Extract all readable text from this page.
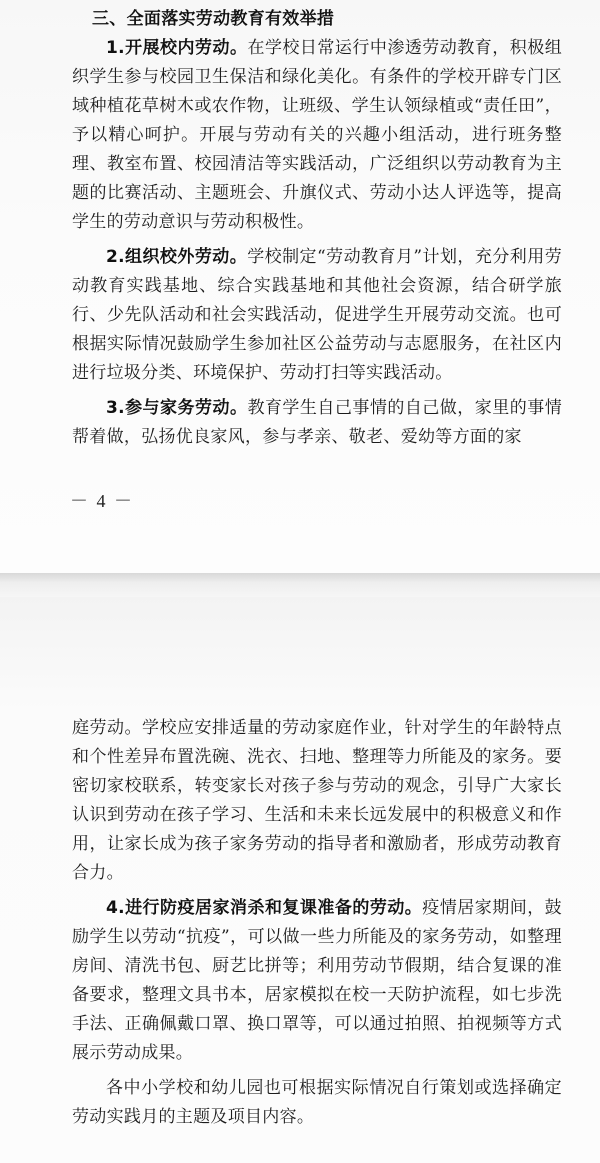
三、全面落实劳动教育有效举措

1.开展校内劳动。在学校日常运行中渗透劳动教育，积极组织学生参与校园卫生保洁和绿化美化。有条件的学校开辟专门区域种植花草树木或农作物，让班级、学生认领绿植或“责任田”，予以精心呵护。开展与劳动有关的兴趣小组活动，进行班务整理、教室布置、校园清洁等实践活动，广泛组织以劳动教育为主题的比赛活动、主题班会、升旗仪式、劳动小达人评选等，提高学生的劳动意识与劳动积极性。

2.组织校外劳动。学校制定“劳动教育月”计划，充分利用劳动教育实践基地、综合实践基地和其他社会资源，结合研学旅行、少先队活动和社会实践活动，促进学生开展劳动交流。也可根据实际情况鼓励学生参加社区公益劳动与志愿服务，在社区内进行垃圾分类、环境保护、劳动打扫等实践活动。

3.参与家务劳动。教育学生自己事情的自己做，家里的事情帮着做，弘扬优良家风，参与孝亲、敬老、爱幼等方面的家

－ 4 －

庭劳动。学校应安排适量的劳动家庭作业，针对学生的年龄特点和个性差异布置洗碗、洗衣、扫地、整理等力所能及的家务。要密切家校联系，转变家长对孩子参与劳动的观念，引导广大家长认识到劳动在孩子学习、生活和未来长远发展中的积极意义和作用，让家长成为孩子家务劳动的指导者和激励者，形成劳动教育合力。

4.进行防疫居家消杀和复课准备的劳动。疫情居家期间，鼓励学生以劳动“抗疫”，可以做一些力所能及的家务劳动，如整理房间、清洗书包、厨艺比拼等；利用劳动节假期，结合复课的准备要求，整理文具书本，居家模拟在校一天防护流程，如七步洗手法、正确佩戴口罩、换口罩等，可以通过拍照、拍视频等方式展示劳动成果。

各中小学校和幼儿园也可根据实际情况自行策划或选择确定劳动实践月的主题及项目内容。
